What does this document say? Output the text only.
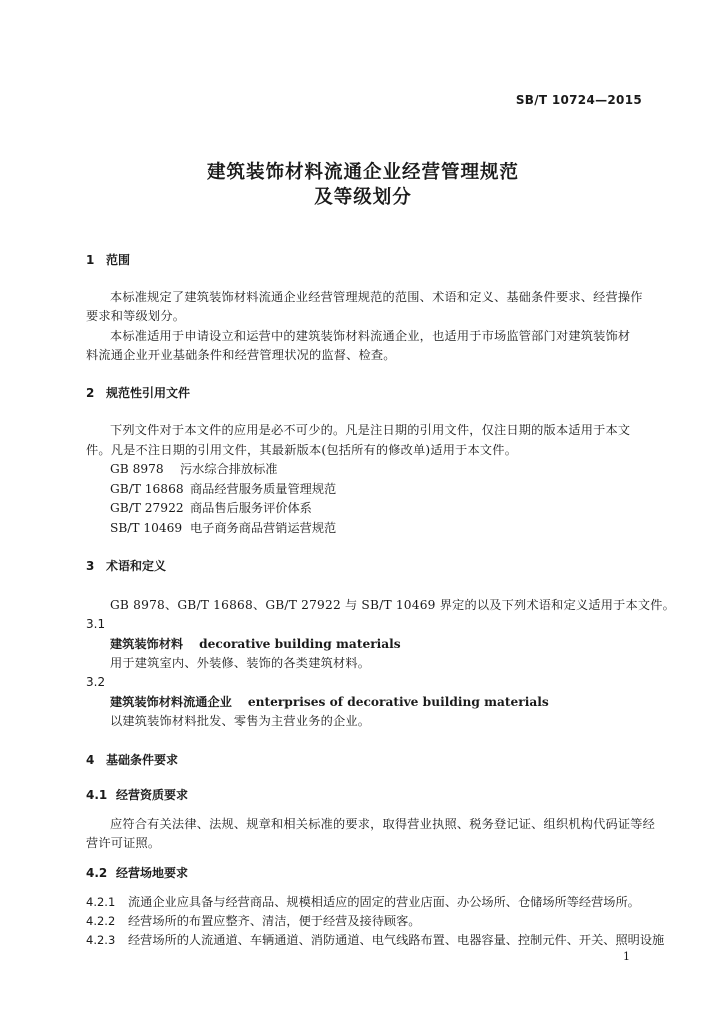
SB/T 10724—2015
建筑装饰材料流通企业经营管理规范
及等级划分
1 范围
本标准规定了建筑装饰材料流通企业经营管理规范的范围、术语和定义、基础条件要求、经营操作
要求和等级划分。
本标准适用于申请设立和运营中的建筑装饰材料流通企业，也适用于市场监管部门对建筑装饰材
料流通企业开业基础条件和经营管理状况的监督、检查。
2 规范性引用文件
下列文件对于本文件的应用是必不可少的。凡是注日期的引用文件，仅注日期的版本适用于本文
件。凡是不注日期的引用文件，其最新版本(包括所有的修改单)适用于本文件。
GB 8978 污水综合排放标准
GB/T 16868 商品经营服务质量管理规范
GB/T 27922 商品售后服务评价体系
SB/T 10469 电子商务商品营销运营规范
3 术语和定义
GB 8978、GB/T 16868、GB/T 27922 与 SB/T 10469 界定的以及下列术语和定义适用于本文件。
3.1
建筑装饰材料 decorative building materials
用于建筑室内、外装修、装饰的各类建筑材料。
3.2
建筑装饰材料流通企业 enterprises of decorative building materials
以建筑装饰材料批发、零售为主营业务的企业。
4 基础条件要求
4.1 经营资质要求
应符合有关法律、法规、规章和相关标准的要求，取得营业执照、税务登记证、组织机构代码证等经
营许可证照。
4.2 经营场地要求
4.2.1 流通企业应具备与经营商品、规模相适应的固定的营业店面、办公场所、仓储场所等经营场所。
4.2.2 经营场所的布置应整齐、清洁，便于经营及接待顾客。
4.2.3 经营场所的人流通道、车辆通道、消防通道、电气线路布置、电器容量、控制元件、开关、照明设施
1
